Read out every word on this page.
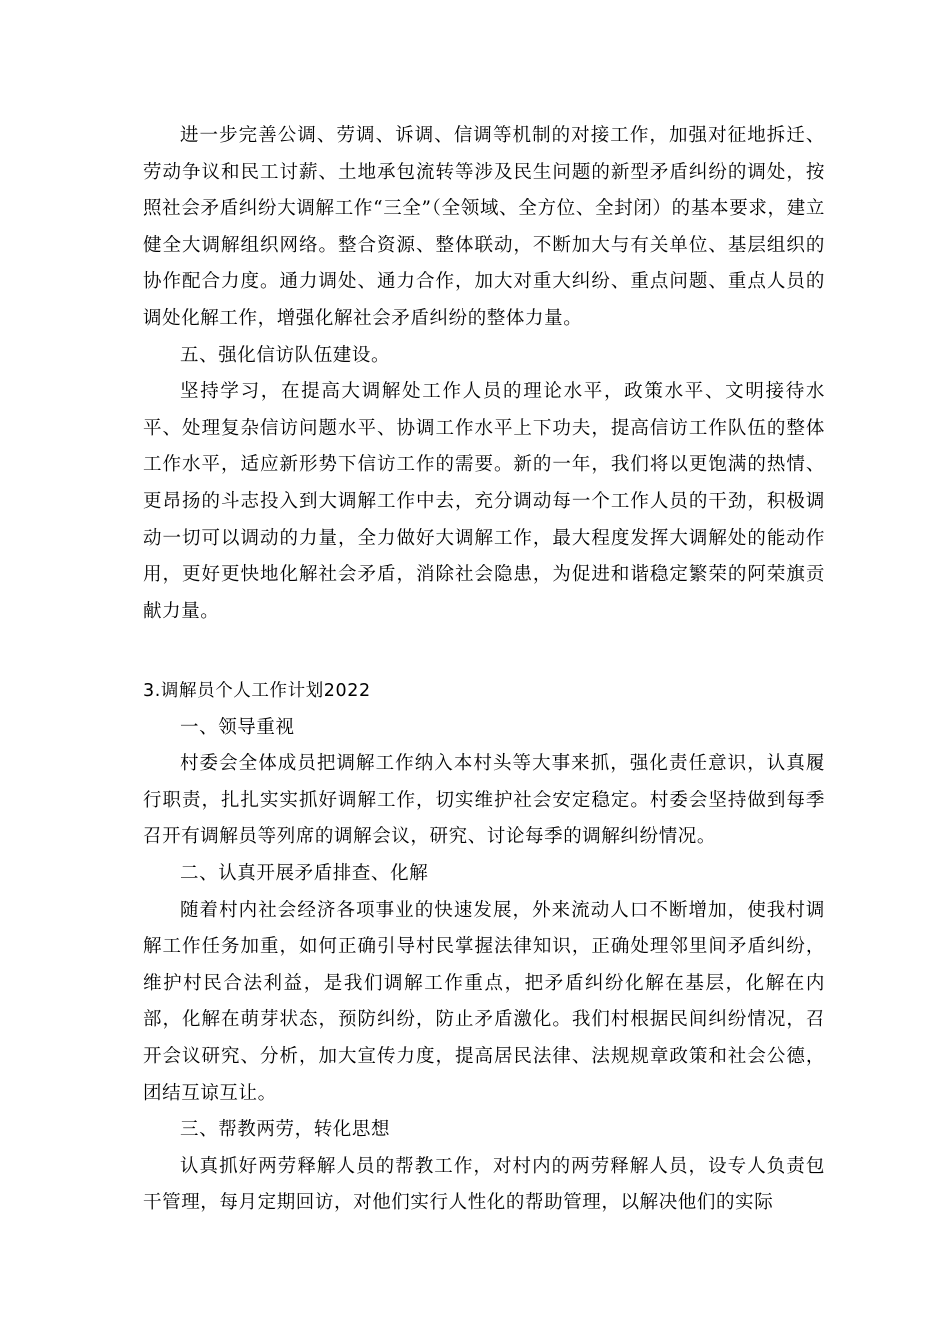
进一步完善公调、劳调、诉调、信调等机制的对接工作，加强对征地拆迁、劳动争议和民工讨薪、土地承包流转等涉及民生问题的新型矛盾纠纷的调处，按照社会矛盾纠纷大调解工作“三全”（全领域、全方位、全封闭）的基本要求，建立健全大调解组织网络。整合资源、整体联动，不断加大与有关单位、基层组织的协作配合力度。通力调处、通力合作，加大对重大纠纷、重点问题、重点人员的调处化解工作，增强化解社会矛盾纠纷的整体力量。

五、强化信访队伍建设。

坚持学习，在提高大调解处工作人员的理论水平，政策水平、文明接待水平、处理复杂信访问题水平、协调工作水平上下功夫，提高信访工作队伍的整体工作水平，适应新形势下信访工作的需要。新的一年，我们将以更饱满的热情、更昂扬的斗志投入到大调解工作中去，充分调动每一个工作人员的干劲，积极调动一切可以调动的力量，全力做好大调解工作，最大程度发挥大调解处的能动作用，更好更快地化解社会矛盾，消除社会隐患，为促进和谐稳定繁荣的阿荣旗贡献力量。

3.调解员个人工作计划2022

一、领导重视

村委会全体成员把调解工作纳入本村头等大事来抓，强化责任意识，认真履行职责，扎扎实实抓好调解工作，切实维护社会安定稳定。村委会坚持做到每季召开有调解员等列席的调解会议，研究、讨论每季的调解纠纷情况。

二、认真开展矛盾排查、化解

随着村内社会经济各项事业的快速发展，外来流动人口不断增加，使我村调解工作任务加重，如何正确引导村民掌握法律知识，正确处理邻里间矛盾纠纷，维护村民合法利益，是我们调解工作重点，把矛盾纠纷化解在基层，化解在内部，化解在萌芽状态，预防纠纷，防止矛盾激化。我们村根据民间纠纷情况，召开会议研究、分析，加大宣传力度，提高居民法律、法规规章政策和社会公德，团结互谅互让。

三、帮教两劳，转化思想

认真抓好两劳释解人员的帮教工作，对村内的两劳释解人员，设专人负责包干管理，每月定期回访，对他们实行人性化的帮助管理，以解决他们的实际
